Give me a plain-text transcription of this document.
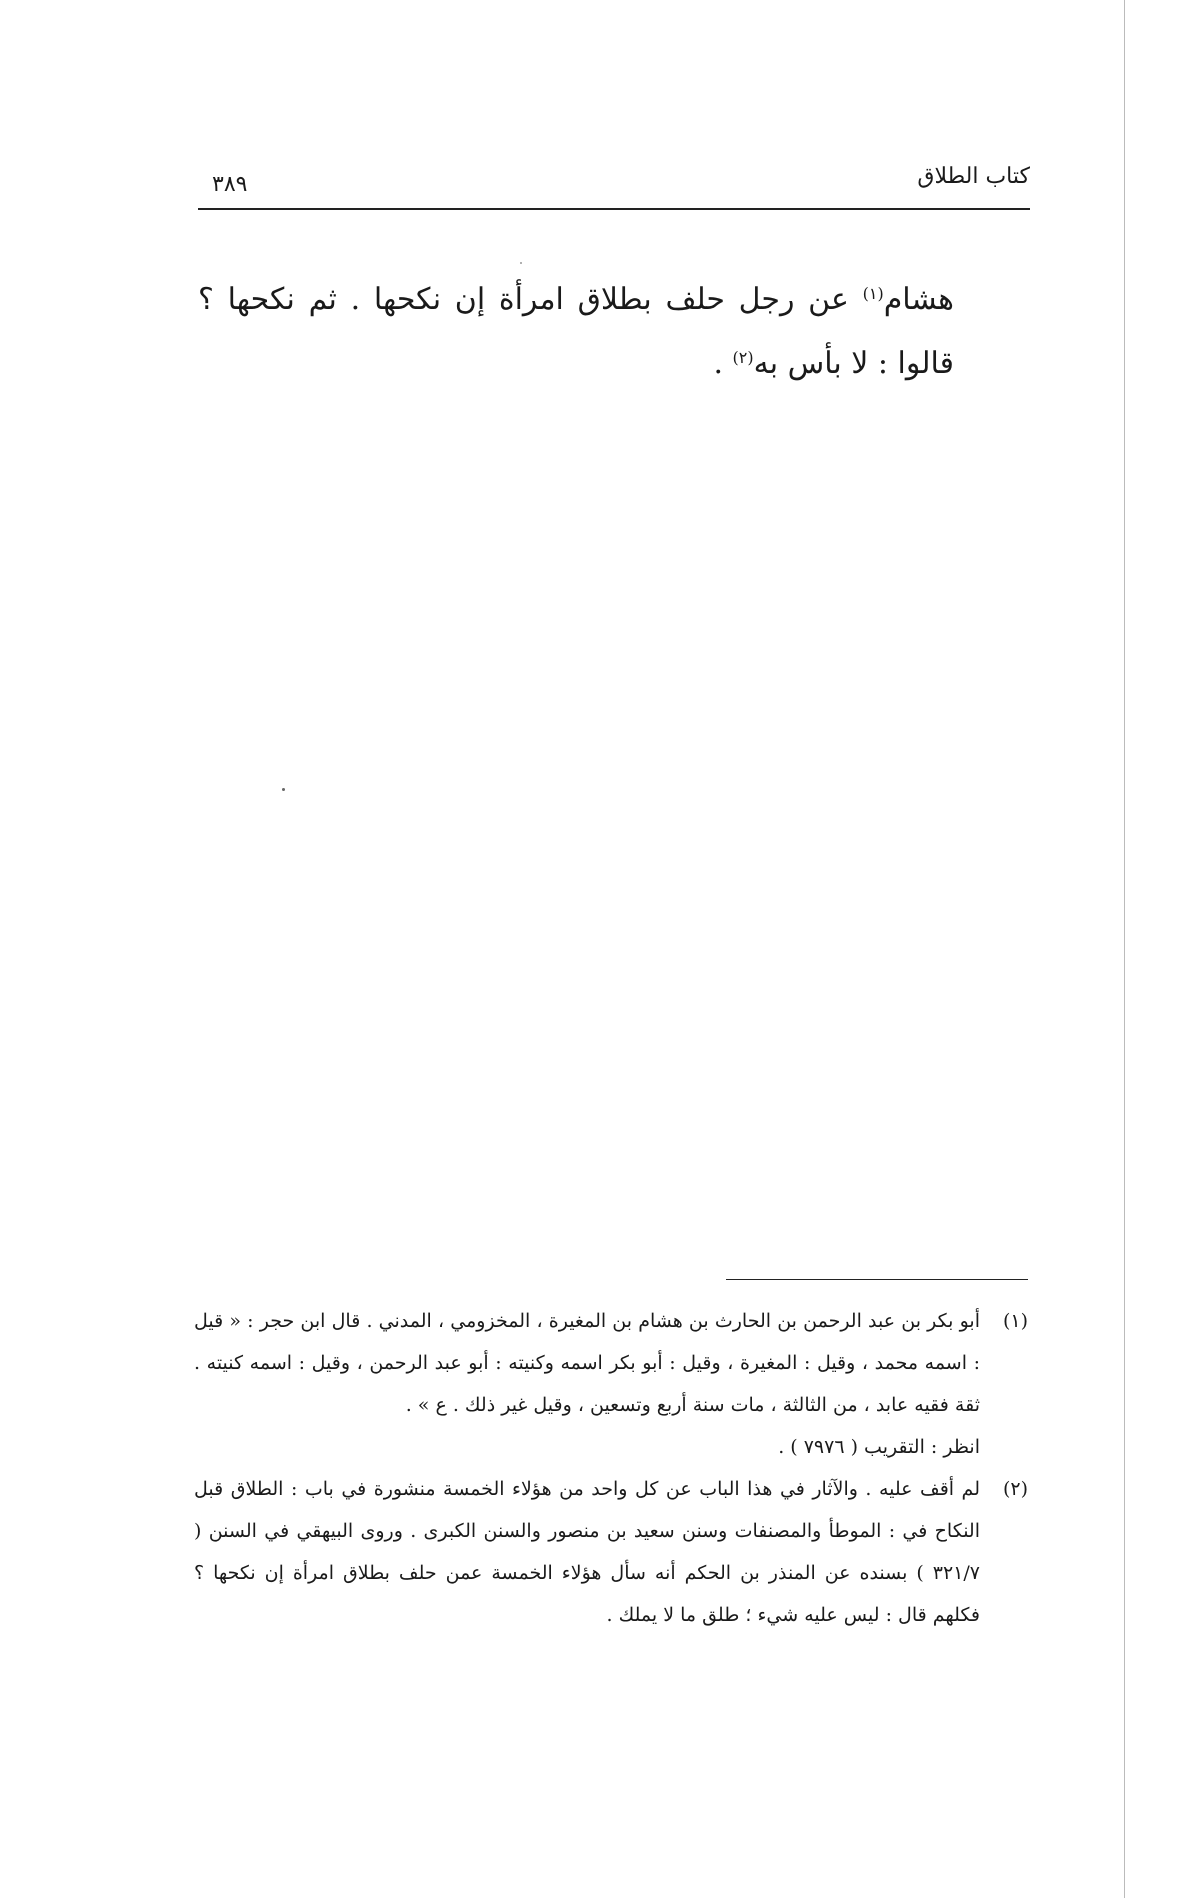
كتاب الطلاق
٣٨٩

هشام$^{(١)}$ عن رجل حلف بطلاق امرأة إن نكحها . ثم نكحها ؟ قالوا : لا بأس به$^{(٢)}$ .

(١)

أبو بكر بن عبد الرحمن بن الحارث بن هشام بن المغيرة ، المخزومي ، المدني . قال ابن حجر : « قيل : اسمه محمد ، وقيل : المغيرة ، وقيل : أبو بكر اسمه وكنيته : أبو عبد الرحمن ، وقيل : اسمه كنيته . ثقة فقيه عابد ، من الثالثة ، مات سنة أربع وتسعين ، وقيل غير ذلك . ع » .

انظر : التقريب ( ٧٩٧٦ ) .

(٢)

لم أقف عليه . والآثار في هذا الباب عن كل واحد من هؤلاء الخمسة منشورة في باب : الطلاق قبل النكاح في : الموطأ والمصنفات وسنن سعيد بن منصور والسنن الكبرى . وروى البيهقي في السنن ( ٣٢١/٧ ) بسنده عن المنذر بن الحكم أنه سأل هؤلاء الخمسة عمن حلف بطلاق امرأة إن نكحها ؟ فكلهم قال : ليس عليه شيء ؛ طلق ما لا يملك .
